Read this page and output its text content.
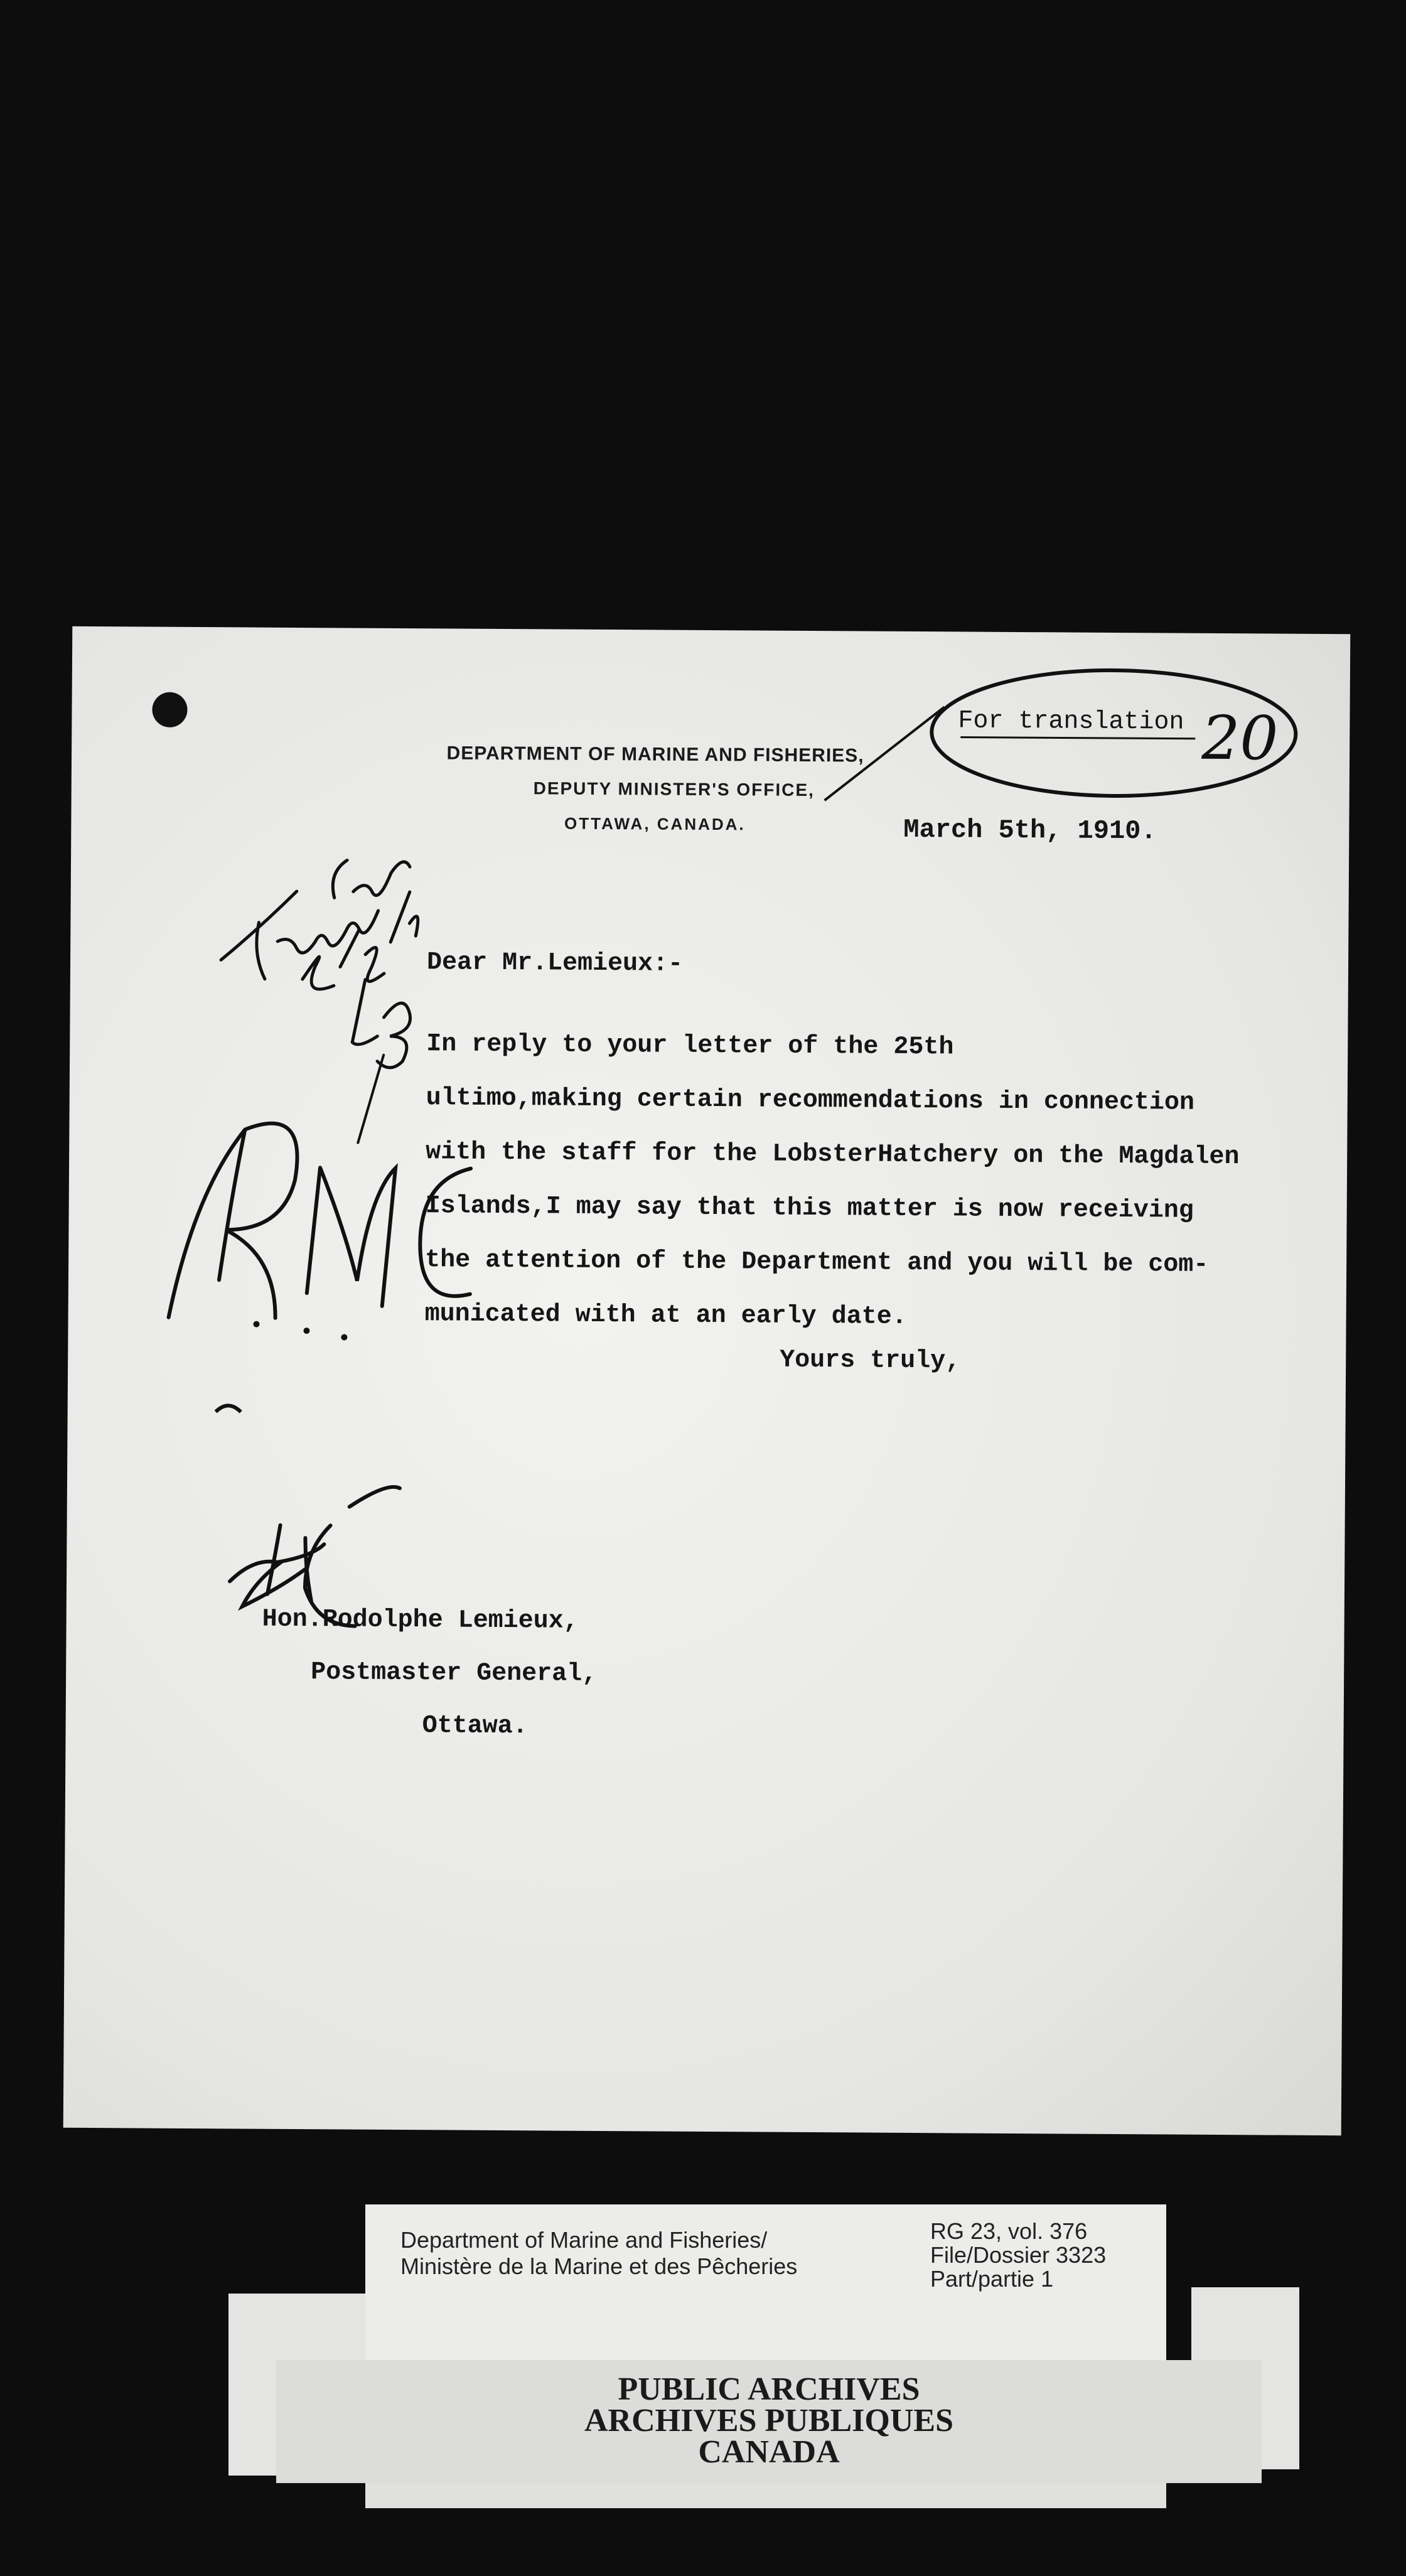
DEPARTMENT OF MARINE AND FISHERIES,
DEPUTY MINISTER'S OFFICE,
OTTAWA, CANADA.
For translation
March 5th, 1910.
Dear Mr.Lemieux:-
In reply to your letter of the 25th
ultimo,making certain recommendations in connection
with the staff for the LobsterHatchery on the Magdalen
Islands,I may say that this matter is now receiving
the attention of the Department and you will be com-
municated with at an early date.
Yours truly,
Hon.Rodolphe Lemieux,
Postmaster General,
Ottawa.
20
Department of Marine and Fisheries/
Ministère de la Marine et des Pêcheries
RG 23, vol. 376
File/Dossier 3323
Part/partie 1
PUBLIC ARCHIVES
ARCHIVES PUBLIQUES
CANADA
